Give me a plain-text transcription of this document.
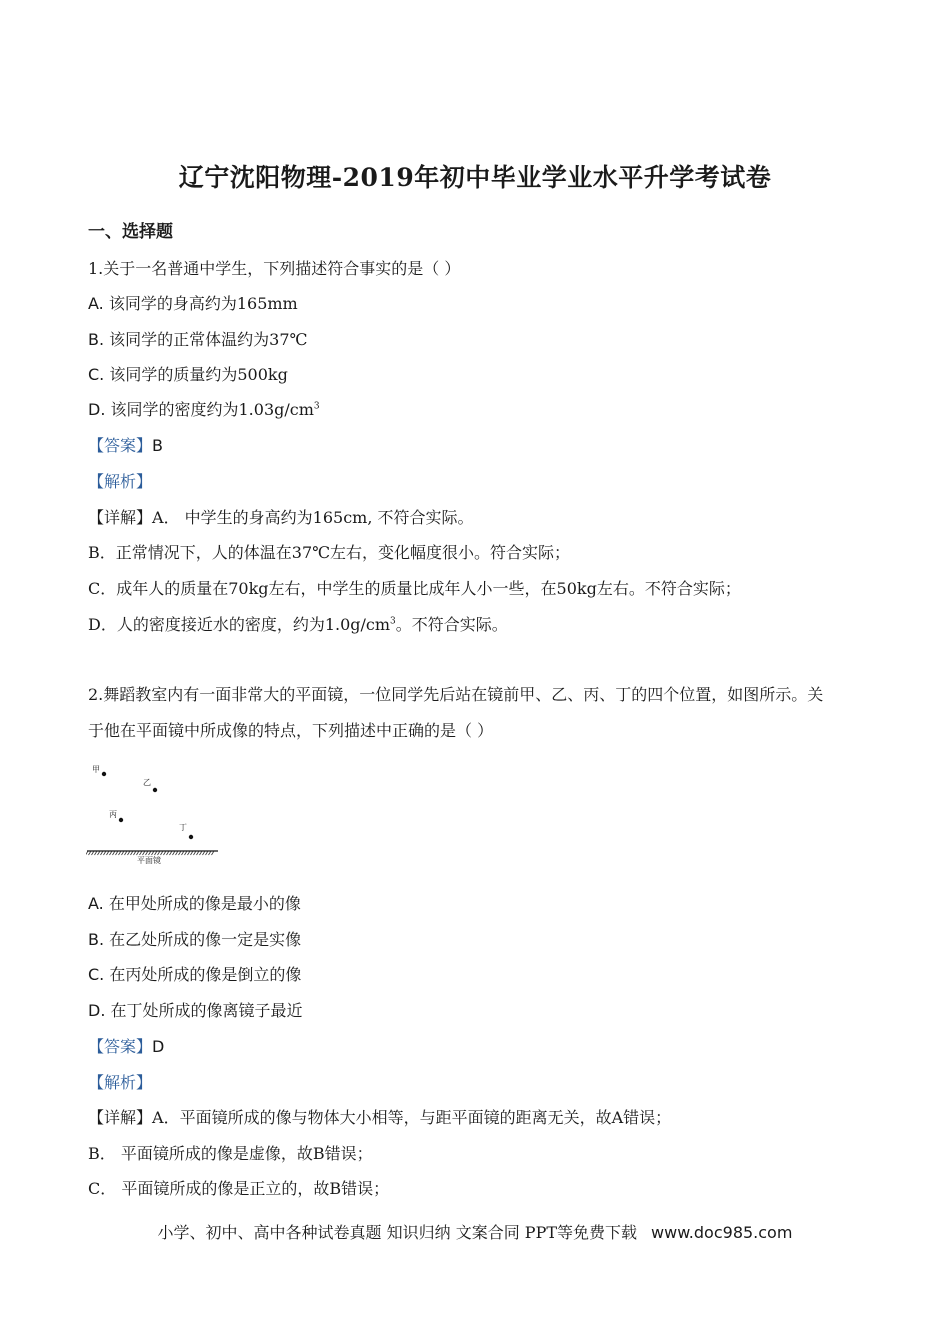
辽宁沈阳物理-2019年初中毕业学业水平升学考试卷
一、选择题
1.关于一名普通中学生，下列描述符合事实的是（ ）
A. 该同学的身高约为165mm
B. 该同学的正常体温约为37℃
C. 该同学的质量约为500kg
D. 该同学的密度约为$1.03g/cm^3$
【答案】B
【解析】
【详解】A． 中学生的身高约为165cm, 不符合实际。
B．正常情况下，人的体温在37℃左右，变化幅度很小。符合实际；
C．成年人的质量在70kg左右，中学生的质量比成年人小一些，在50kg左右。不符合实际；
D．人的密度接近水的密度，约为$1.0g/cm^3$。不符合实际。
2.舞蹈教室内有一面非常大的平面镜，一位同学先后站在镜前甲、乙、丙、丁的四个位置，如图所示。关
于他在平面镜中所成像的特点，下列描述中正确的是（ ）
甲
乙
丙
丁
平面镜
A. 在甲处所成的像是最小的像
B. 在乙处所成的像一定是实像
C. 在丙处所成的像是倒立的像
D. 在丁处所成的像离镜子最近
【答案】D
【解析】
【详解】A．平面镜所成的像与物体大小相等，与距平面镜的距离无关，故A错误；
B． 平面镜所成的像是虚像，故B错误；
C． 平面镜所成的像是正立的，故B错误；
小学、初中、高中各种试卷真题 知识归纳 文案合同 PPT等免费下载 www.doc985.com
